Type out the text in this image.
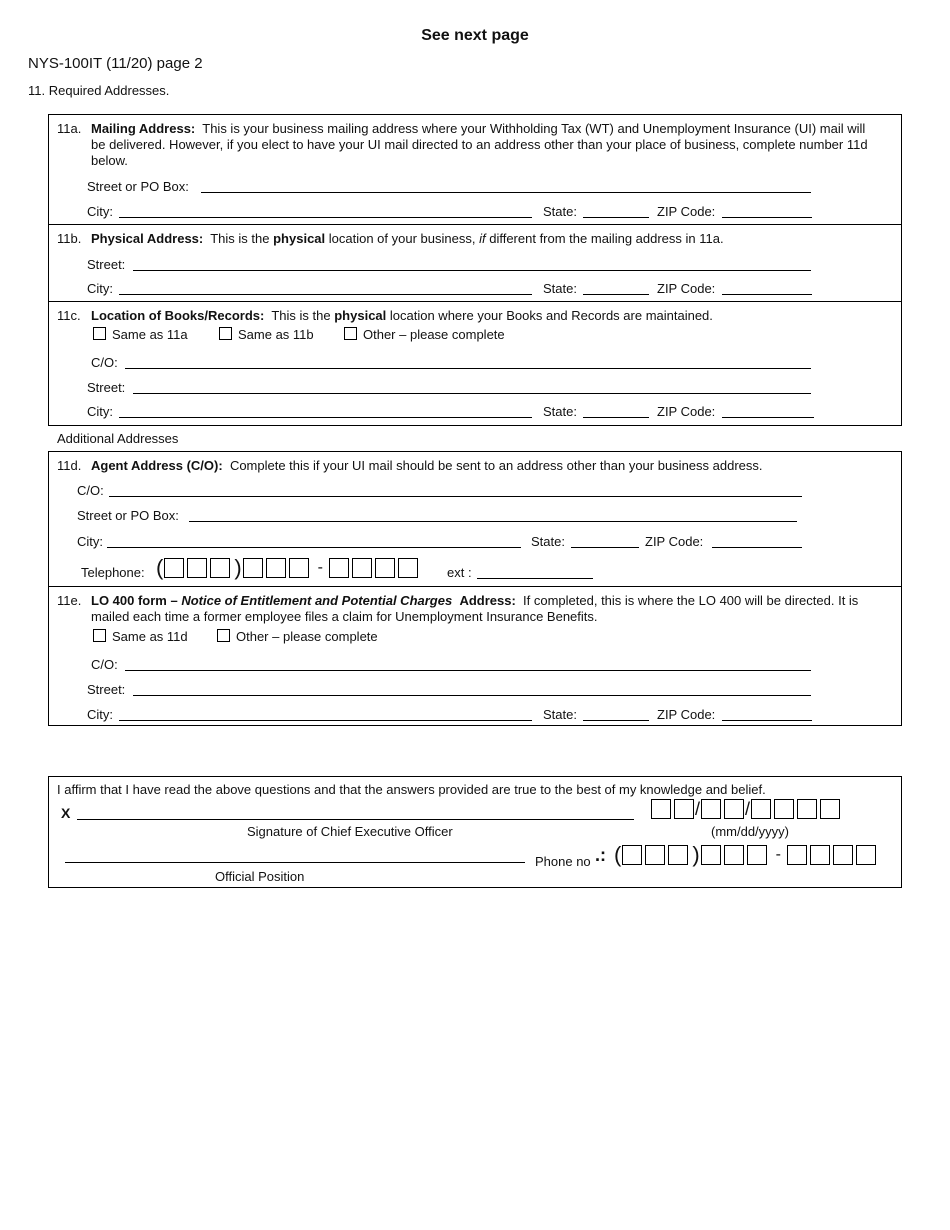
See next page
NYS-100IT (11/20) page 2
11. Required Addresses.
11a. Mailing Address: This is your business mailing address where your Withholding Tax (WT) and Unemployment Insurance (UI) mail will be delivered. However, if you elect to have your UI mail directed to an address other than your place of business, complete number 11d below.
Street or PO Box:
City:	State:	ZIP Code:
11b. Physical Address: This is the physical location of your business, if different from the mailing address in 11a.
Street:
City:	State:	ZIP Code:
11c. Location of Books/Records: This is the physical location where your Books and Records are maintained.
Same as 11a	Same as 11b	Other – please complete
C/O:
Street:
City:	State:	ZIP Code:
Additional Addresses
11d. Agent Address (C/O): Complete this if your UI mail should be sent to an address other than your business address.
C/O:
Street or PO Box:
City:	State:	ZIP Code:
Telephone: (	)	-	ext :
11e. LO 400 form – Notice of Entitlement and Potential Charges Address: If completed, this is where the LO 400 will be directed. It is mailed each time a former employee files a claim for Unemployment Insurance Benefits.
Same as 11d	Other – please complete
C/O:
Street:
City:	State:	ZIP Code:
I affirm that I have read the above questions and that the answers provided are true to the best of my knowledge and belief.
X	/	/
Signature of Chief Executive Officer	(mm/dd/yyyy)
Phone no .: (	)	-
Official Position
